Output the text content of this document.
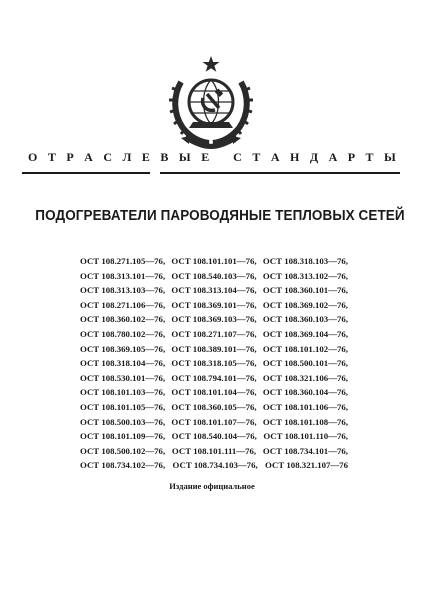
О Т Р А С Л Е В Ы Е
С Т А Н Д А Р Т Ы
ПОДОГРЕВАТЕЛИ ПАРОВОДЯНЫЕ ТЕПЛОВЫХ СЕТЕЙ
ОСТ 108.271.105—76, ОСТ 108.101.101—76, ОСТ 108.318.103—76,
ОСТ 108.313.101—76, ОСТ 108.540.103—76, ОСТ 108.313.102—76,
ОСТ 108.313.103—76, ОСТ 108.313.104—76, ОСТ 108.360.101—76,
ОСТ 108.271.106—76, ОСТ 108.369.101—76, ОСТ 108.369.102—76,
ОСТ 108.360.102—76, ОСТ 108.369.103—76, ОСТ 108.360.103—76,
ОСТ 108.780.102—76, ОСТ 108.271.107—76, ОСТ 108.369.104—76,
ОСТ 108.369.105—76, ОСТ 108.389.101—76, ОСТ 108.101.102—76,
ОСТ 108.318.104—76, ОСТ 108.318.105—76, ОСТ 108.500.101—76,
ОСТ 108.530.101—76, ОСТ 108.794.101—76, ОСТ 108.321.106—76,
ОСТ 108.101.103—76, ОСТ 108.101.104—76, ОСТ 108.360.104—76,
ОСТ 108.101.105—76, ОСТ 108.360.105—76, ОСТ 108.101.106—76,
ОСТ 108.500.103—76, ОСТ 108.101.107—76, ОСТ 108.101.108—76,
ОСТ 108.101.109—76, ОСТ 108.540.104—76, ОСТ 108.101.110—76,
ОСТ 108.500.102—76, ОСТ 108.101.111—76, ОСТ 108.734.101—76,
ОСТ 108.734.102—76, ОСТ 108.734.103—76, ОСТ 108.321.107—76
Издание официальное
